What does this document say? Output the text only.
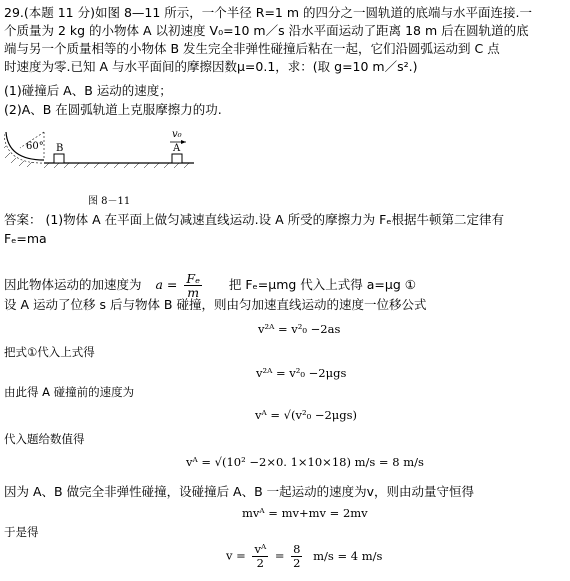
29.(本题 11 分)如图 8—11 所示，一个半径 R=1 m 的四分之一圆轨道的底端与水平面连接.一
个质量为 2 kg 的小物体 A 以初速度 V₀=10 m／s 沿水平面运动了距离 18 m 后在圆轨道的底
端与另一个质量相等的小物体 B 发生完全非弹性碰撞后粘在一起，它们沿圆弧运动到 C 点
时速度为零.已知 A 与水平面间的摩擦因数μ=0.1，求：(取 g=10 m／s².)
(1)碰撞后 A、B 运动的速度；
(2)A、B 在圆弧轨道上克服摩擦力的功.
60° B	A
v₀
图 8－11
答案： (1)物体 A 在平面上做匀减速直线运动.设 A 所受的摩擦力为 Fₑ根据牛顿第二定律有
Fₑ=ma
因此物体运动的加速度为 $a = \frac{\text{Fₑ}}{m}$ 把 Fₑ=μmg 代入上式得 a=μg ①
设 A 运动了位移 s 后与物体 B 碰撞，则由匀加速直线运动的速度一位移公式
v²ᴬ = v²₀ −2as
把式①代入上式得
v²ᴬ = v²₀ −2μgs
由此得 A 碰撞前的速度为
vᴬ = √(v²₀ −2μgs)
代入题给数值得
vᴬ = √(10² −2×0. 1×10×18) m/s = 8 m/s
因为 A、B 做完全非弹性碰撞，设碰撞后 A、B 一起运动的速度为v，则由动量守恒得
mvᴬ = mv+mv = 2mv
于是得
$v = \frac{\text{vᴬ}}{2} = \frac{8}{2} m/s = 4$ m/s
